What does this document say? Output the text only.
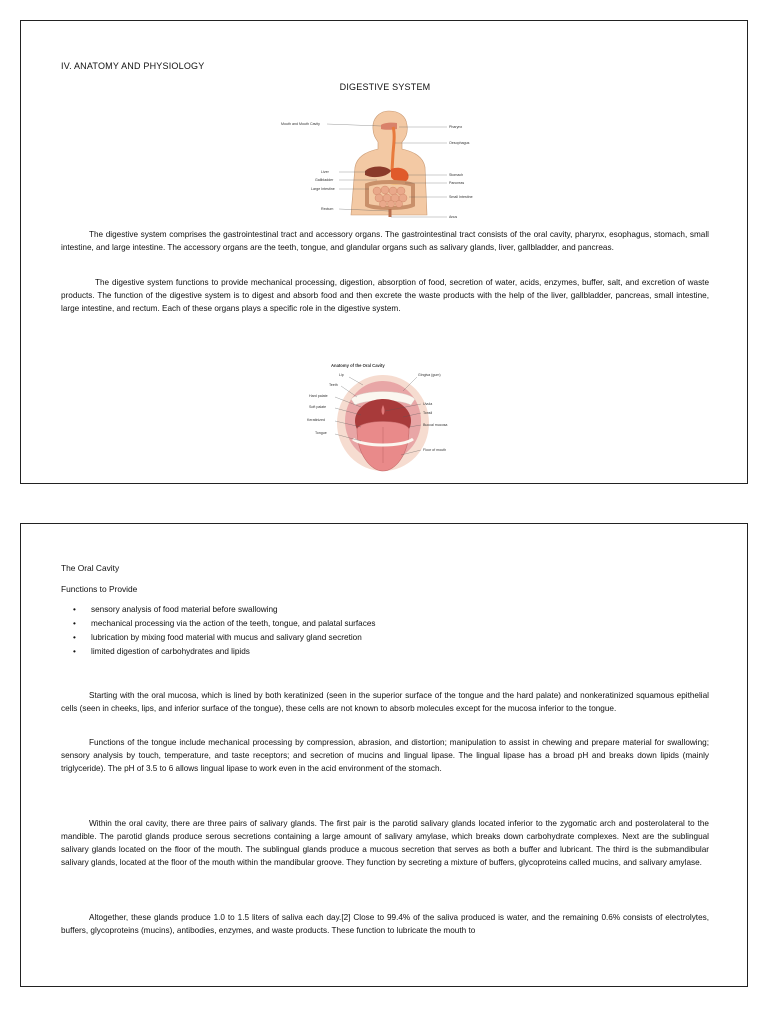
IV. ANATOMY AND PHYSIOLOGY
DIGESTIVE SYSTEM
Mouth and Mouth Cavity
Liver
Gallbladder
Large Intestine
Rectum
Pharynx
Oesophagus
Stomach
Pancreas
Small Intestine
Anus

The digestive system comprises the gastrointestinal tract and accessory organs. The gastrointestinal tract consists of the oral cavity, pharynx, esophagus, stomach, small intestine, and large intestine. The accessory organs are the teeth, tongue, and glandular organs such as salivary glands, liver, gallbladder, and pancreas.

The digestive system functions to provide mechanical processing, digestion, absorption of food, secretion of water, acids, enzymes, buffer, salt, and excretion of waste products. The function of the digestive system is to digest and absorb food and then excrete the waste products with the help of the liver, gallbladder, pancreas, small intestine, large intestine, and rectum. Each of these organs plays a specific role in the digestive system.

Anatomy of the Oral Cavity
Lip
Teeth
Hard palate
Soft palate
Keratinized
Tongue
Gingiva (gum)
Uvula
Tonsil
Buccal mucosa
Floor of mouth
The Oral Cavity
Functions to Provide
• sensory analysis of food material before swallowing
• mechanical processing via the action of the teeth, tongue, and palatal surfaces
• lubrication by mixing food material with mucus and salivary gland secretion
• limited digestion of carbohydrates and lipids

Starting with the oral mucosa, which is lined by both keratinized (seen in the superior surface of the tongue and the hard palate) and nonkeratinized squamous epithelial cells (seen in cheeks, lips, and inferior surface of the tongue), these cells are not known to absorb molecules except for the mucosa inferior to the tongue.

Functions of the tongue include mechanical processing by compression, abrasion, and distortion; manipulation to assist in chewing and prepare material for swallowing; sensory analysis by touch, temperature, and taste receptors; and secretion of mucins and lingual lipase. The lingual lipase has a broad pH and breaks down lipids (mainly triglyceride). The pH of 3.5 to 6 allows lingual lipase to work even in the acid environment of the stomach.

Within the oral cavity, there are three pairs of salivary glands. The first pair is the parotid salivary glands located inferior to the zygomatic arch and posterolateral to the mandible. The parotid glands produce serous secretions containing a large amount of salivary amylase, which breaks down carbohydrate complexes. Next are the sublingual salivary glands located on the floor of the mouth. The sublingual glands produce a mucous secretion that serves as both a buffer and lubricant. The third is the submandibular salivary glands, located at the floor of the mouth within the mandibular groove. They function by secreting a mixture of buffers, glycoproteins called mucins, and salivary amylase.

Altogether, these glands produce 1.0 to 1.5 liters of saliva each day.[2] Close to 99.4% of the saliva produced is water, and the remaining 0.6% consists of electrolytes, buffers, glycoproteins (mucins), antibodies, enzymes, and waste products. These function to lubricate the mouth to
